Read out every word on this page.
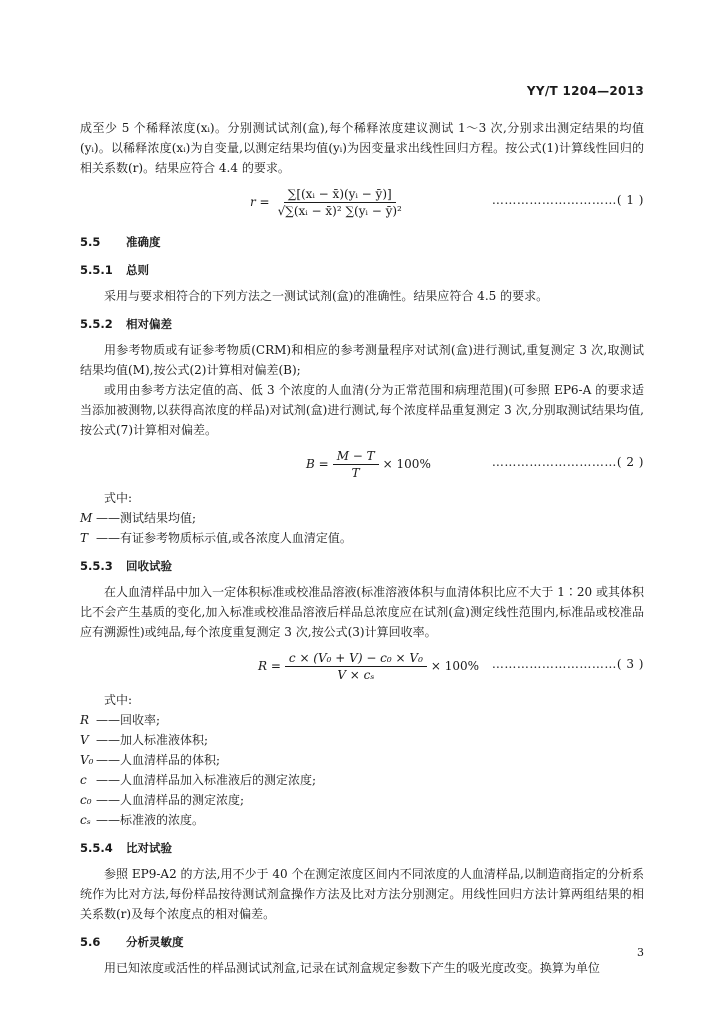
YY/T 1204—2013

成至少 5 个稀释浓度(xᵢ)。分别测试试剂(盒),每个稀释浓度建议测试 1～3 次,分别求出测定结果的均值(yᵢ)。以稀释浓度(xᵢ)为自变量,以测定结果均值(yᵢ)为因变量求出线性回归方程。按公式(1)计算线性回归的相关系数(r)。结果应符合 4.4 的要求。

$r = \frac{\text{∑[(xᵢ − x̄)(yᵢ − ȳ)]}}{\text{√∑(xᵢ − x̄)² ∑(yᵢ − ȳ)²}}$	…………………………( 1 )
5.5 准确度
5.5.1 总则

采用与要求相符合的下列方法之一测试试剂(盒)的准确性。结果应符合 4.5 的要求。

5.5.2 相对偏差

用参考物质或有证参考物质(CRM)和相应的参考测量程序对试剂(盒)进行测试,重复测定 3 次,取测试结果均值(M),按公式(2)计算相对偏差(B);

或用由参考方法定值的高、低 3 个浓度的人血清(分为正常范围和病理范围)(可参照 EP6-A 的要求适当添加被测物,以获得高浓度的样品)对试剂(盒)进行测试,每个浓度样品重复测定 3 次,分别取测试结果均值,按公式(7)计算相对偏差。

$B = \frac{M - T}{T} \times 100\%$	…………………………( 2 )

式中:

M ——测试结果均值;

T ——有证参考物质标示值,或各浓度人血清定值。

5.5.3 回收试验

在人血清样品中加入一定体积标准或校准品溶液(标准溶液体积与血清体积比应不大于 1∶20 或其体积比不会产生基质的变化,加入标准或校准品溶液后样品总浓度应在试剂(盒)测定线性范围内,标准品或校准品应有溯源性)或纯品,每个浓度重复测定 3 次,按公式(3)计算回收率。

$R = \frac{\text{c × (V₀ + V) − c₀ × V₀}}{\text{V × cₛ}} \times 100\%$ …………………………( 3 )

式中:

R ——回收率;

V ——加人标准液体积;

V₀ ——人血清样品的体积;

c ——人血清样品加入标准液后的测定浓度;

c₀ ——人血清样品的测定浓度;

cₛ ——标准液的浓度。

5.5.4 比对试验

参照 EP9-A2 的方法,用不少于 40 个在测定浓度区间内不同浓度的人血清样品,以制造商指定的分析系统作为比对方法,每份样品按待测试剂盒操作方法及比对方法分别测定。用线性回归方法计算两组结果的相关系数(r)及每个浓度点的相对偏差。

5.6 分析灵敏度

用已知浓度或活性的样品测试试剂盒,记录在试剂盒规定参数下产生的吸光度改变。换算为单位

3
